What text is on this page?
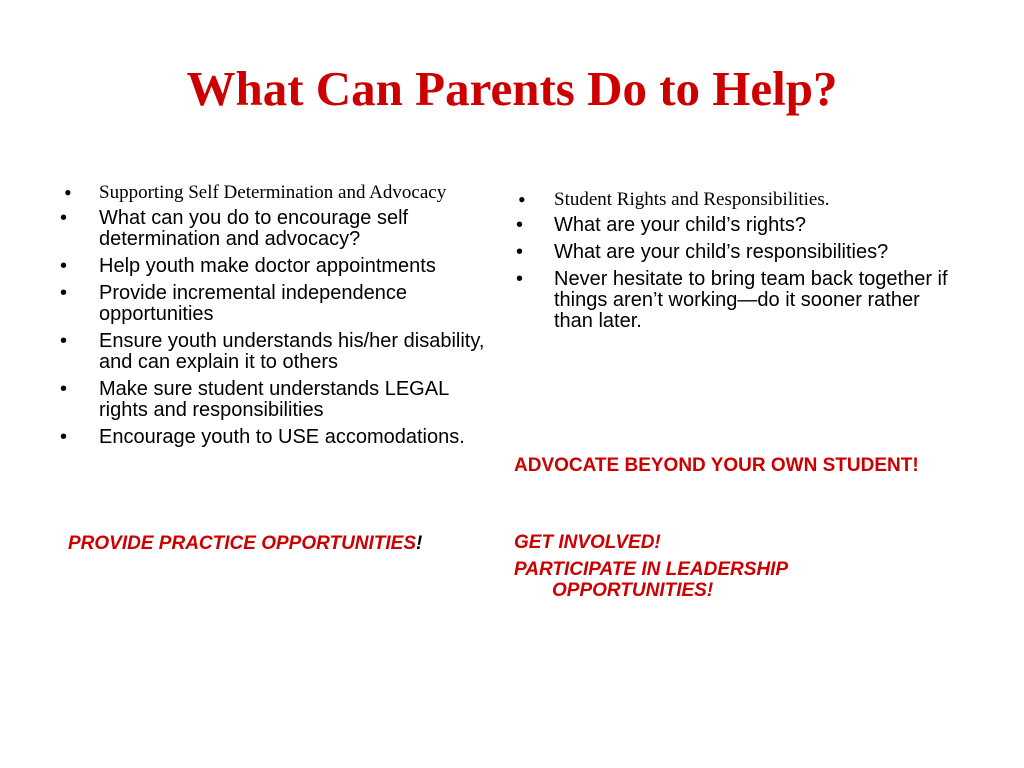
What Can Parents Do to Help?
• Supporting Self Determination and Advocacy
• What can you do to encourage self determination and advocacy?
• Help youth make doctor appointments
• Provide incremental independence opportunities
• Ensure youth understands his/her disability, and can explain it to others
• Make sure student understands LEGAL rights and responsibilities
• Encourage youth to USE accomodations.

PROVIDE PRACTICE OPPORTUNITIES!

• Student Rights and Responsibilities.
• What are your child’s rights?
• What are your child’s responsibilities?
• Never hesitate to bring team back together if things aren’t working—do it sooner rather than later.

ADVOCATE BEYOND YOUR OWN STUDENT!

GET INVOLVED!

PARTICIPATE IN LEADERSHIP OPPORTUNITIES!
